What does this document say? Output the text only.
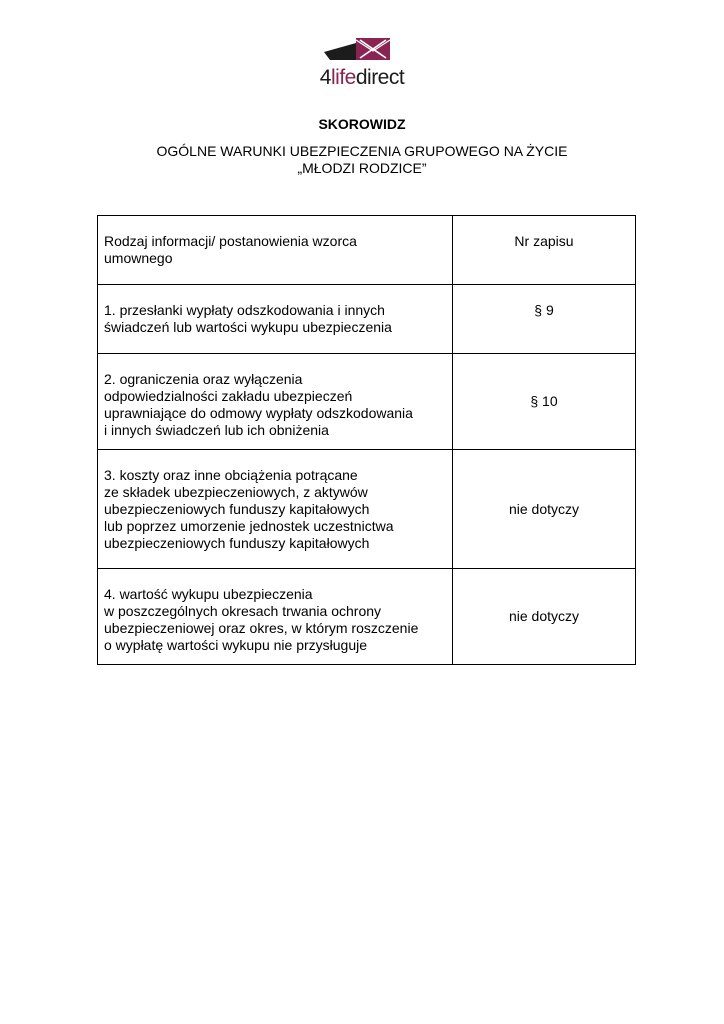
4lifedirect
SKOROWIDZ
OGÓLNE WARUNKI UBEZPIECZENIA GRUPOWEGO NA ŻYCIE
„MŁODZI RODZICE”
Rodzaj informacji/ postanowienia wzorca
umownego	Nr zapisu

1. przesłanki wypłaty odszkodowania i innych
świadczeń lub wartości wykupu ubezpieczenia	§ 9

2. ograniczenia oraz wyłączenia
odpowiedzialności zakładu ubezpieczeń
uprawniające do odmowy wypłaty odszkodowania
i innych świadczeń lub ich obniżenia	§ 10

3. koszty oraz inne obciążenia potrącane
ze składek ubezpieczeniowych, z aktywów
ubezpieczeniowych funduszy kapitałowych
lub poprzez umorzenie jednostek uczestnictwa
ubezpieczeniowych funduszy kapitałowych	nie dotyczy

4. wartość wykupu ubezpieczenia
w poszczególnych okresach trwania ochrony
ubezpieczeniowej oraz okres, w którym roszczenie
o wypłatę wartości wykupu nie przysługuje	nie dotyczy
